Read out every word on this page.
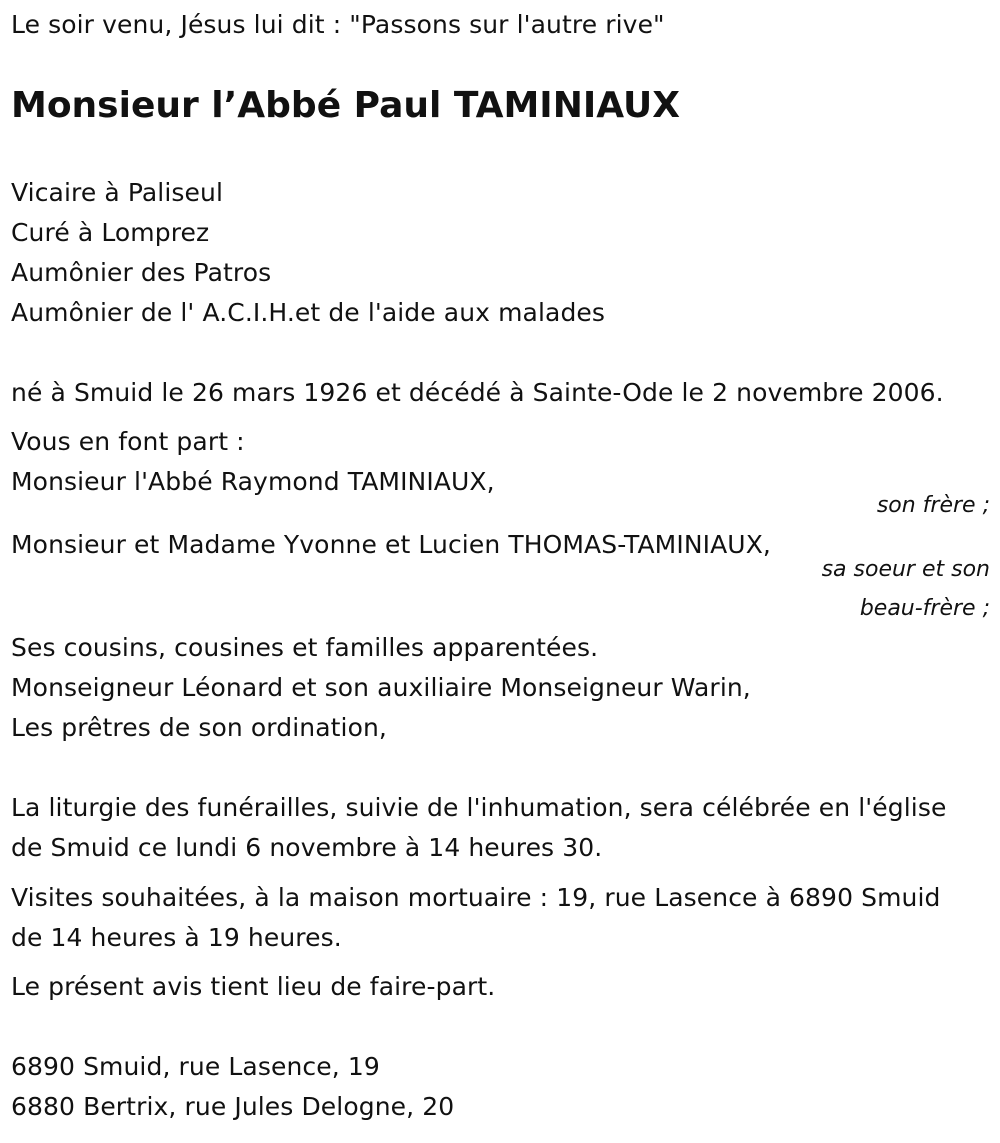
Le soir venu, Jésus lui dit : "Passons sur l'autre rive"
Monsieur l’Abbé Paul TAMINIAUX
Vicaire à Paliseul
Curé à Lomprez
Aumônier des Patros
Aumônier de l' A.C.I.H.et de l'aide aux malades
né à Smuid le 26 mars 1926 et décédé à Sainte-Ode le 2 novembre 2006.
Vous en font part :
Monsieur l'Abbé Raymond TAMINIAUX,
son frère ;
Monsieur et Madame Yvonne et Lucien THOMAS-TAMINIAUX,
sa soeur et son
beau-frère ;
Ses cousins, cousines et familles apparentées.
Monseigneur Léonard et son auxiliaire Monseigneur Warin,
Les prêtres de son ordination,
La liturgie des funérailles, suivie de l'inhumation, sera célébrée en l'église
de Smuid ce lundi 6 novembre à 14 heures 30.
Visites souhaitées, à la maison mortuaire : 19, rue Lasence à 6890 Smuid
de 14 heures à 19 heures.
Le présent avis tient lieu de faire-part.
6890 Smuid, rue Lasence, 19
6880 Bertrix, rue Jules Delogne, 20
